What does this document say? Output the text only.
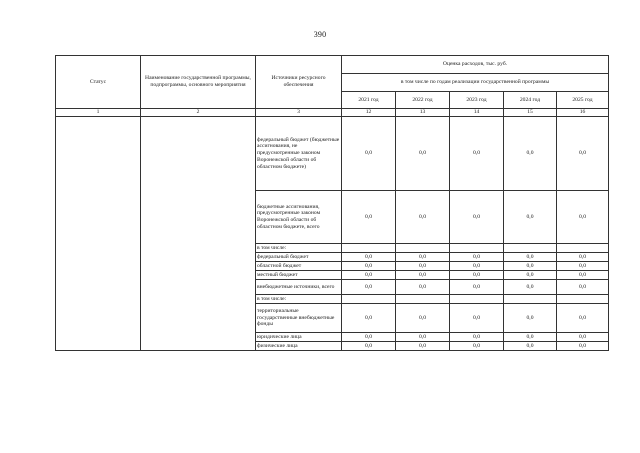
390
Статус	Наименование государственной программы, подпрограммы, основного мероприятия	Источники ресурсного обеспечения	Оценка расходов, тыс. руб.				
			в том числе по годам реализации государственной программы				
			2021 год	2022 год	2023 год	2024 год	2025 год
1	2	3	12	13	14	15	16
		федеральный бюджет (бюджетные ассигнования, не предусмотренные законом Воронежской области об областном бюджете)	0,0	0,0	0,0	0,0	0,0
		бюджетные ассигнования, предусмотренные законом Воронежской области об областном бюджете, всего	0,0	0,0	0,0	0,0	0,0
		в том числе:					
		федеральный бюджет	0,0	0,0	0,0	0,0	0,0
		областной бюджет	0,0	0,0	0,0	0,0	0,0
		местный бюджет	0,0	0,0	0,0	0,0	0,0
		внебюджетные источники, всего	0,0	0,0	0,0	0,0	0,0
		в том числе:					
		территориальные государственные внебюджетные фонды	0,0	0,0	0,0	0,0	0,0
		юридические лица	0,0	0,0	0,0	0,0	0,0
		физические лица	0,0	0,0	0,0	0,0	0,0
